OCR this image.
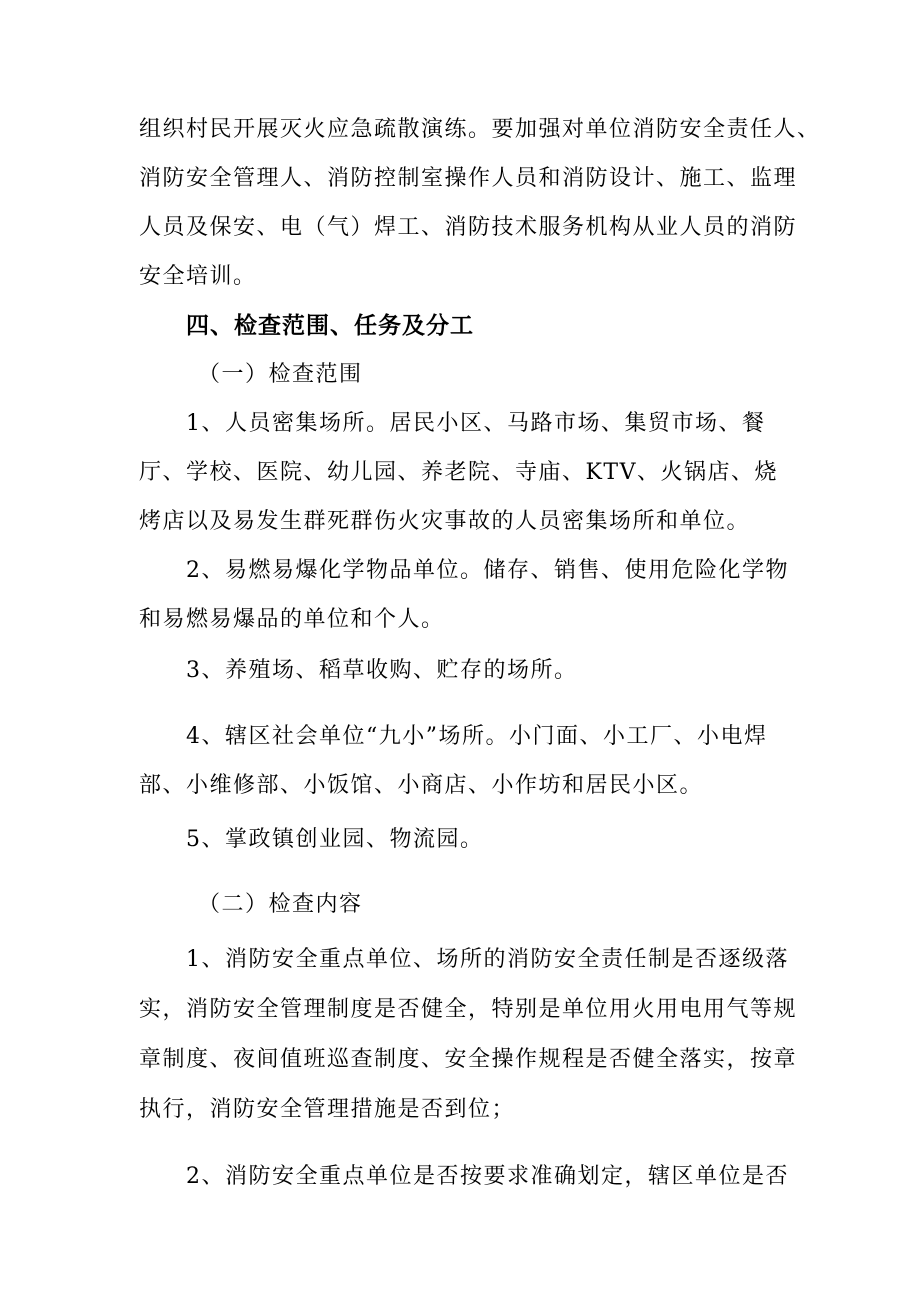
组织村民开展灭火应急疏散演练。要加强对单位消防安全责任人、
消防安全管理人、消防控制室操作人员和消防设计、施工、监理
人员及保安、电（气）焊工、消防技术服务机构从业人员的消防
安全培训。
四、检查范围、任务及分工
（一）检查范围
1、人员密集场所。居民小区、马路市场、集贸市场、餐
厅、学校、医院、幼儿园、养老院、寺庙、KTV、火锅店、烧
烤店以及易发生群死群伤火灾事故的人员密集场所和单位。
2、易燃易爆化学物品单位。储存、销售、使用危险化学物
和易燃易爆品的单位和个人。
3、养殖场、稻草收购、贮存的场所。
4、辖区社会单位“九小”场所。小门面、小工厂、小电焊
部、小维修部、小饭馆、小商店、小作坊和居民小区。
5、掌政镇创业园、物流园。
（二）检查内容
1、消防安全重点单位、场所的消防安全责任制是否逐级落
实，消防安全管理制度是否健全，特别是单位用火用电用气等规
章制度、夜间值班巡查制度、安全操作规程是否健全落实，按章
执行，消防安全管理措施是否到位；
2、消防安全重点单位是否按要求准确划定，辖区单位是否
